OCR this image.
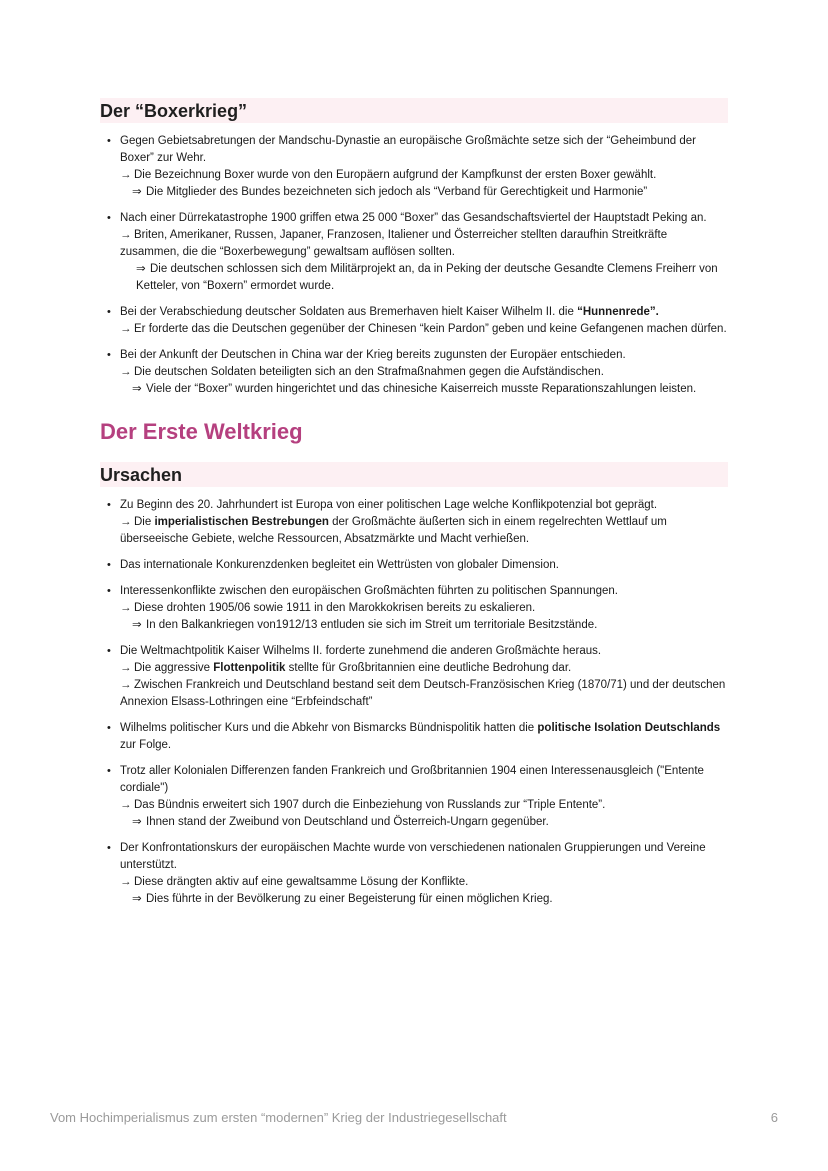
Der “Boxerkrieg”
• Gegen Gebietsabretungen der Mandschu-Dynastie an europäische Großmächte setze sich der “Geheimbund der Boxer” zur Wehr.
→ Die Bezeichnung Boxer wurde von den Europäern aufgrund der Kampfkunst der ersten Boxer gewählt.
⇒ Die Mitglieder des Bundes bezeichneten sich jedoch als “Verband für Gerechtigkeit und Harmonie”
• Nach einer Dürrekatastrophe 1900 griffen etwa 25 000 “Boxer” das Gesandschaftsviertel der Hauptstadt Peking an.
→ Briten, Amerikaner, Russen, Japaner, Franzosen, Italiener und Österreicher stellten daraufhin Streitkräfte zusammen, die die “Boxerbewegung” gewaltsam auflösen sollten.
⇒ Die deutschen schlossen sich dem Militärprojekt an, da in Peking der deutsche Gesandte Clemens Freiherr von Ketteler, von “Boxern” ermordet wurde.
• Bei der Verabschiedung deutscher Soldaten aus Bremerhaven hielt Kaiser Wilhelm II. die “Hunnenrede”.
→ Er forderte das die Deutschen gegenüber der Chinesen “kein Pardon” geben und keine Gefangenen machen dürfen.
• Bei der Ankunft der Deutschen in China war der Krieg bereits zugunsten der Europäer entschieden.
→ Die deutschen Soldaten beteiligten sich an den Strafmaßnahmen gegen die Aufständischen.
⇒ Viele der “Boxer” wurden hingerichtet und das chinesiche Kaiserreich musste Reparationszahlungen leisten.
Der Erste Weltkrieg
Ursachen
• Zu Beginn des 20. Jahrhundert ist Europa von einer politischen Lage welche Konflikpotenzial bot geprägt.
→ Die imperialistischen Bestrebungen der Großmächte äußerten sich in einem regelrechten Wettlauf um überseeische Gebiete, welche Ressourcen, Absatzmärkte und Macht verhießen.
• Das internationale Konkurenzdenken begleitet ein Wettrüsten von globaler Dimension.
• Interessenkonflikte zwischen den europäischen Großmächten führten zu politischen Spannungen.
→ Diese drohten 1905/06 sowie 1911 in den Marokkokrisen bereits zu eskalieren.
⇒ In den Balkankriegen von1912/13 entluden sie sich im Streit um territoriale Besitzstände.
• Die Weltmachtpolitik Kaiser Wilhelms II. forderte zunehmend die anderen Großmächte heraus.
→ Die aggressive Flottenpolitik stellte für Großbritannien eine deutliche Bedrohung dar.
→ Zwischen Frankreich und Deutschland bestand seit dem Deutsch-Französischen Krieg (1870/71) und der deutschen Annexion Elsass-Lothringen eine “Erbfeindschaft”
• Wilhelms politischer Kurs und die Abkehr von Bismarcks Bündnispolitik hatten die politische Isolation Deutschlands zur Folge.
• Trotz aller Kolonialen Differenzen fanden Frankreich und Großbritannien 1904 einen Interessenausgleich ("Entente cordiale")
→ Das Bündnis erweitert sich 1907 durch die Einbeziehung von Russlands zur “Triple Entente”.
⇒ Ihnen stand der Zweibund von Deutschland und Österreich-Ungarn gegenüber.
• Der Konfrontationskurs der europäischen Machte wurde von verschiedenen nationalen Gruppierungen und Vereine unterstützt.
→ Diese drängten aktiv auf eine gewaltsamme Lösung der Konflikte.
⇒ Dies führte in der Bevölkerung zu einer Begeisterung für einen möglichen Krieg.
Vom Hochimperialismus zum ersten “modernen” Krieg der Industriegesellschaft	6
